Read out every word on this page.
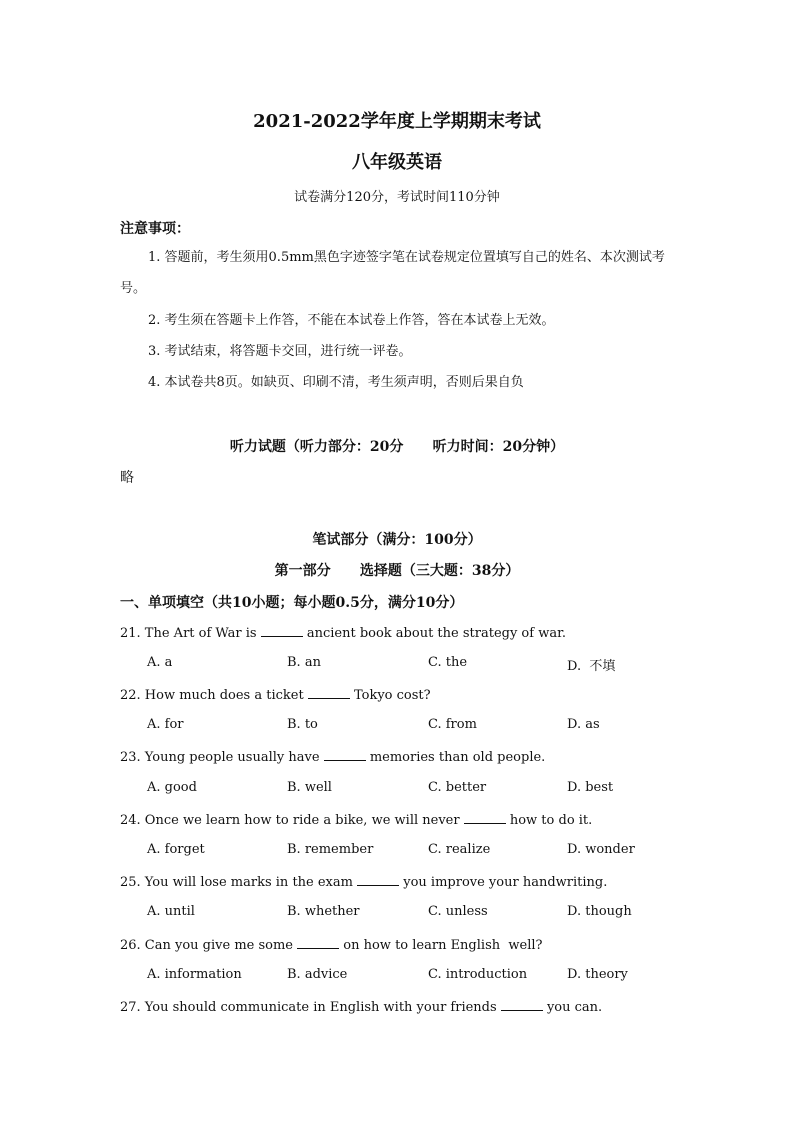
2021-2022学年度上学期期末考试
八年级英语
试卷满分120分，考试时间110分钟
注意事项：
1. 答题前，考生须用0.5mm黑色字迹签字笔在试卷规定位置填写自己的姓名、本次测试考号。
2. 考生须在答题卡上作答，不能在本试卷上作答，答在本试卷上无效。
3. 考试结束，将答题卡交回，进行统一评卷。
4. 本试卷共8页。如缺页、印刷不清，考生须声明，否则后果自负
听力试题（听力部分：20分      听力时间：20分钟）
略
笔试部分（满分：100分）
第一部分      选择题（三大题：38分）
一、单项填空（共10小题；每小题0.5分，满分10分）
21. The Art of War is	ancient book about the strategy of war.
A. a	B. an	C. the	D.  不填
22. How much does a ticket	Tokyo cost?
A. for	B. to	C. from	D. as
23. Young people usually have	memories than old people.
A. good	B. well	C. better	D. best
24. Once we learn how to ride a bike, we will never	how to do it.
A. forget	B. remember	C. realize	D. wonder
25. You will lose marks in the exam	you improve your handwriting.
A. until	B. whether	C. unless	D. though
26. Can you give me some	on how to learn English  well?
A. information	B. advice	C. introduction	D. theory
27. You should communicate in English with your friends	you can.
